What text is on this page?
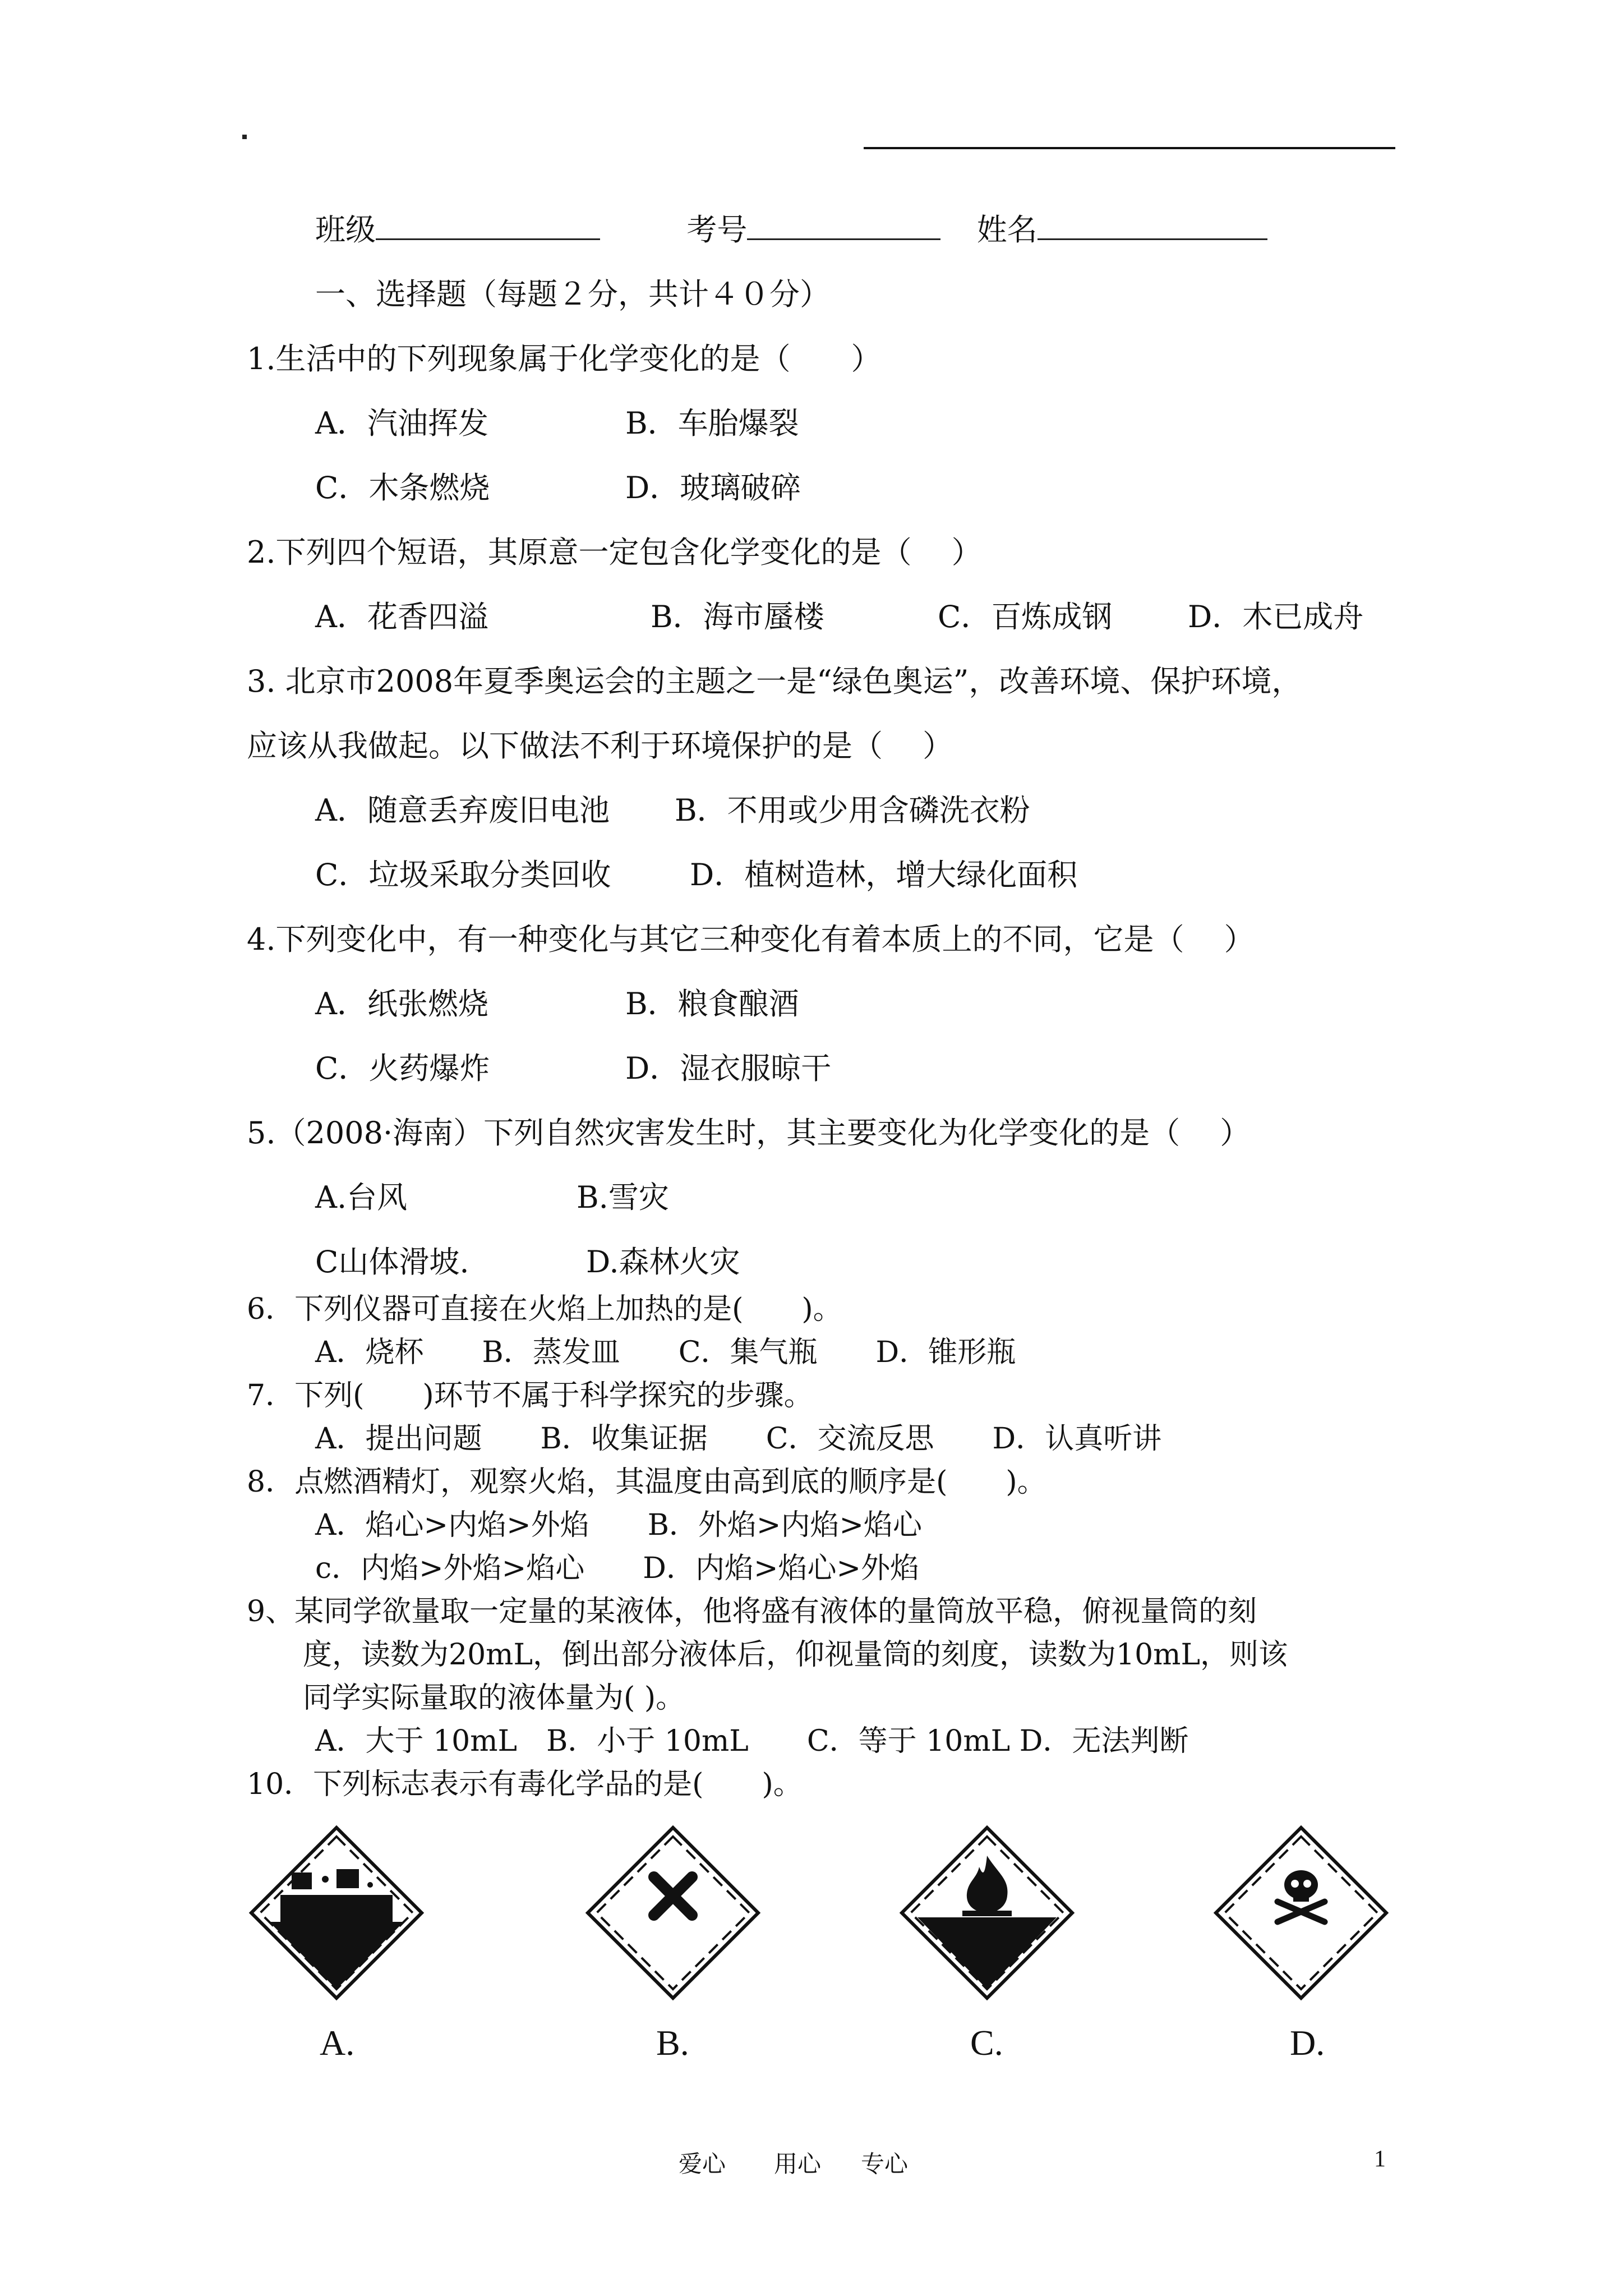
班级	考号	姓名
一、选择题（每题２分，共计４０分）
1.生活中的下列现象属于化学变化的是（　　）
A．汽油挥发	B．车胎爆裂
C．木条燃烧	D．玻璃破碎
2.下列四个短语，其原意一定包含化学变化的是（　 ）
A．花香四溢	B．海市蜃楼	C．百炼成钢 D．木已成舟
3. 北京市2008年夏季奥运会的主题之一是“绿色奥运”，改善环境、保护环境，
应该从我做起。以下做法不利于环境保护的是（　 ）
A．随意丢弃废旧电池 B．不用或少用含磷洗衣粉
C．垃圾采取分类回收	D．植树造林，增大绿化面积
4.下列变化中，有一种变化与其它三种变化有着本质上的不同，它是（　 ）
A．纸张燃烧	B．粮食酿酒
C．火药爆炸	D．湿衣服晾干
5.（2008·海南）下列自然灾害发生时，其主要变化为化学变化的是（　 ）
A.台风	B.雪灾
C山体滑坡.	D.森林火灾
6．下列仪器可直接在火焰上加热的是(　　)。
A．烧杯　　B．蒸发皿　　C．集气瓶　　D．锥形瓶
7．下列(　　)环节不属于科学探究的步骤。
A．提出问题　　B．收集证据　　C．交流反思　　D．认真听讲
8．点燃酒精灯，观察火焰，其温度由高到底的顺序是(　　)。
A．焰心>内焰>外焰　　B．外焰>内焰>焰心
c．内焰>外焰>焰心　　D．内焰>焰心>外焰
9、某同学欲量取一定量的某液体，他将盛有液体的量筒放平稳，俯视量筒的刻
度，读数为20mL，倒出部分液体后，仰视量筒的刻度，读数为10mL，则该
同学实际量取的液体量为( )。
A．大于 10mL　B．小于 10mL　　C．等于 10mL D．无法判断
10．下列标志表示有毒化学品的是(　　)。
A.	B.	C.	D.
爱心 用心 专心	1
